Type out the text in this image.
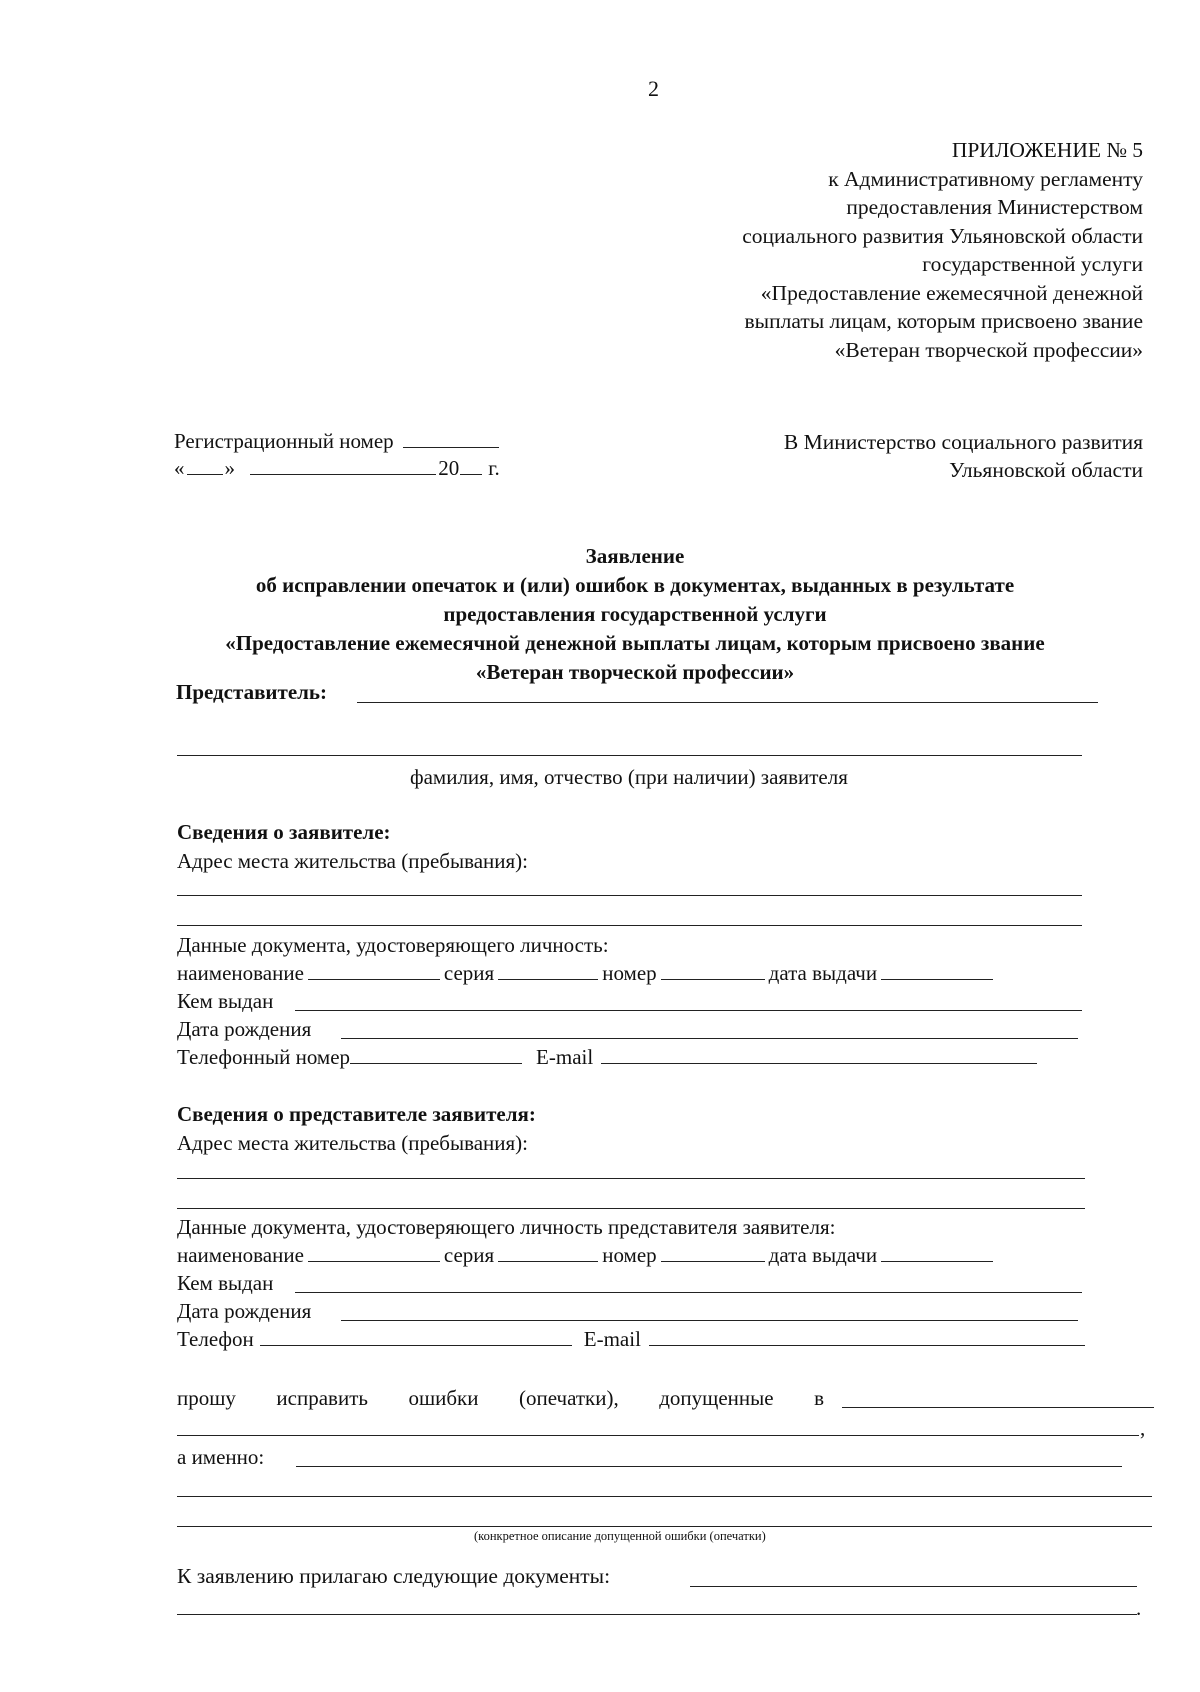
2
ПРИЛОЖЕНИЕ № 5
к Административному регламенту
предоставления Министерством
социального развития Ульяновской области
государственной услуги
«Предоставление ежемесячной денежной
выплаты лицам, которым присвоено звание
«Ветеран творческой профессии»
Регистрационный номер
« »	20 г.
В Министерство социального развития
Ульяновской области
Заявление
об исправлении опечаток и (или) ошибок в документах, выданных в результате
предоставления государственной услуги
«Предоставление ежемесячной денежной выплаты лицам, которым присвоено звание
«Ветеран творческой профессии»
Представитель:
фамилия, имя, отчество (при наличии) заявителя
Сведения о заявителе:
Адрес места жительства (пребывания):
Данные документа, удостоверяющего личность:
наименование	серия	номер	дата выдачи
Кем выдан
Дата рождения
Телефонный номер	E-mail
Сведения о представителе заявителя:
Адрес места жительства (пребывания):
Данные документа, удостоверяющего личность представителя заявителя:
наименование	серия	номер	дата выдачи
Кем выдан
Дата рождения
Телефон	E-mail
прошу исправить ошибки (опечатки), допущенные в
,
а именно:
(конкретное описание допущенной ошибки (опечатки)
К заявлению прилагаю следующие документы:
.
